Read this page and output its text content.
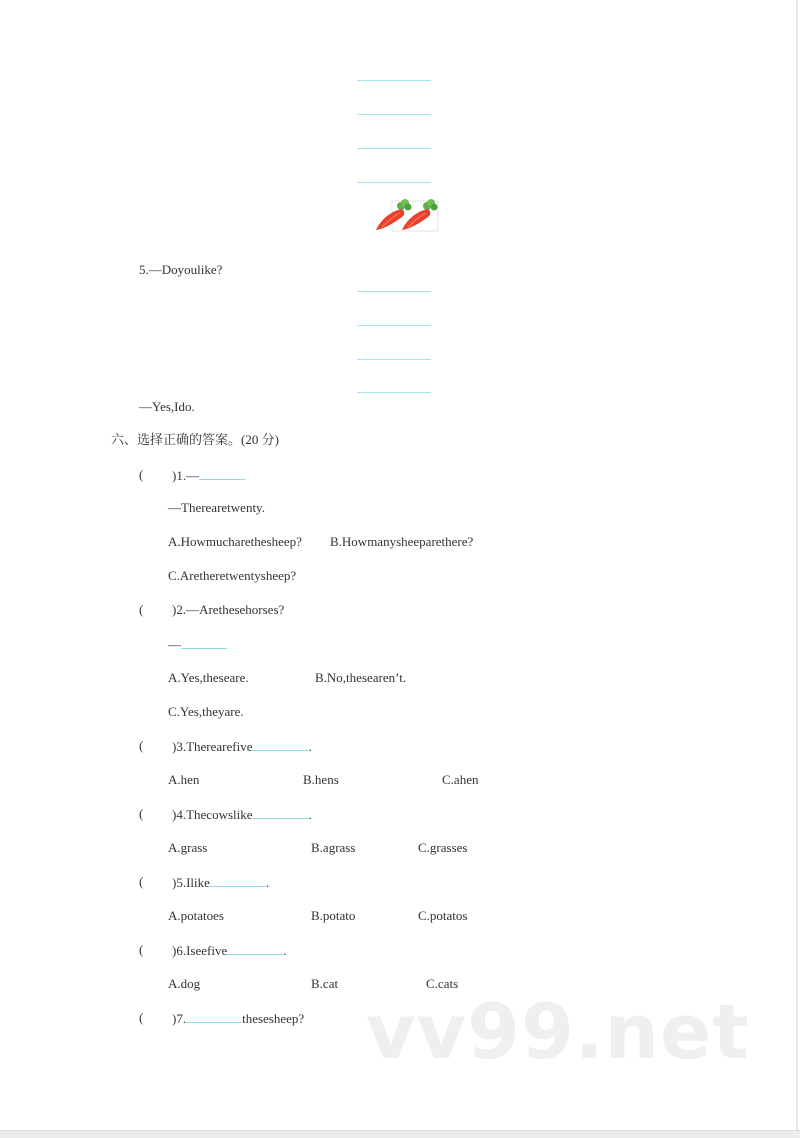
5.—Doyoulike?
—Yes,Ido.
六、选择正确的答案。(20 分)
( )1.—
—Therearetwenty.
A.Howmucharethesheep? B.Howmanysheeparethere?
C.Aretheretwentysheep?
( )2.—Arethesehorses?
—
A.Yes,theseare.	B.No,thesearen’t.
C.Yes,theyare.
( )3.Therearefive	.
A.hen	B.hens	C.ahen
( )4.Thecowslike	.
A.grass	B.agrass	C.grasses
( )5.Ilike	.
A.potatoes	B.potato	C.potatos
( )6.Iseefive	.
A.dog	B.cat	C.cats
( )7.	thesesheep? vv99.net
